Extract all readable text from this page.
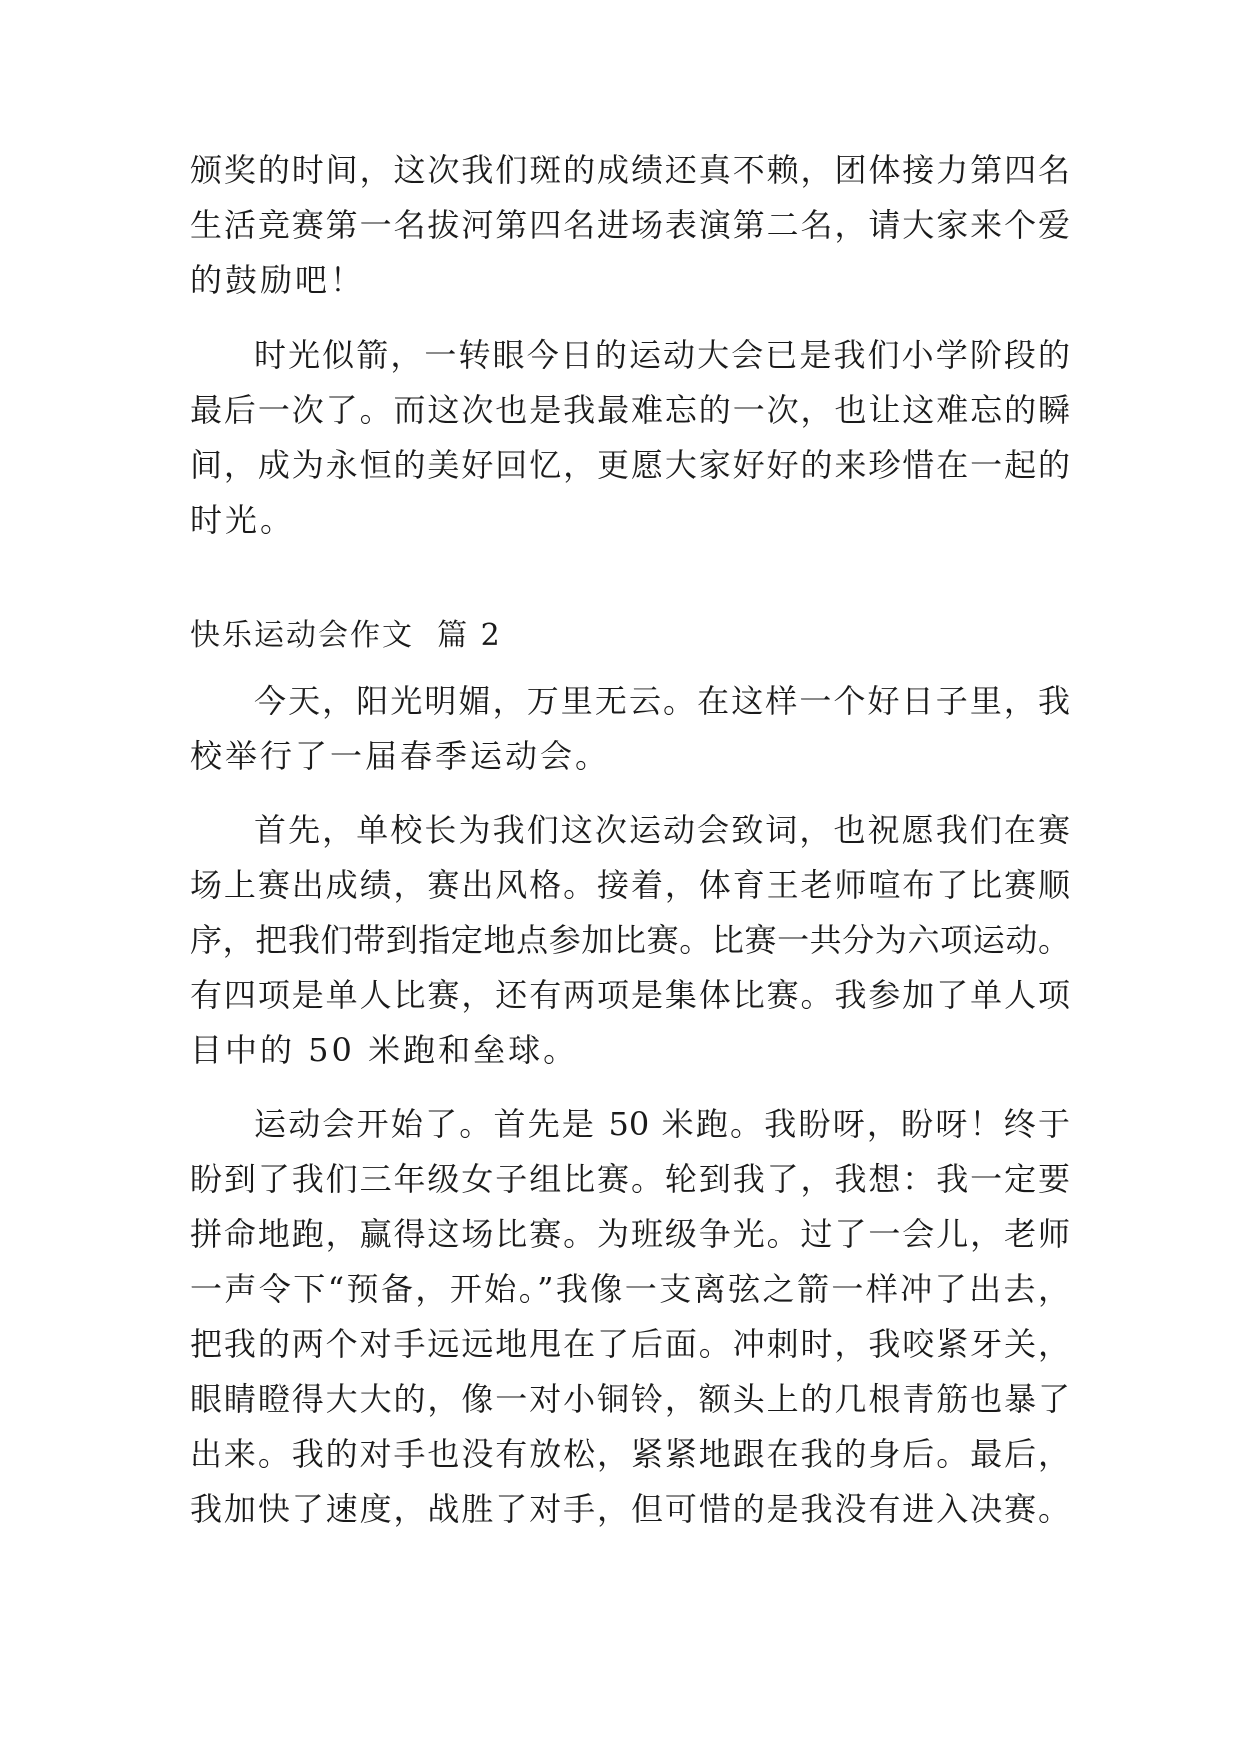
颁奖的时间，这次我们斑的成绩还真不赖，团体接力第四名
生活竞赛第一名拔河第四名进场表演第二名，请大家来个爱
的鼓励吧！
时光似箭，一转眼今日的运动大会已是我们小学阶段的
最后一次了。而这次也是我最难忘的一次，也让这难忘的瞬
间，成为永恒的美好回忆，更愿大家好好的来珍惜在一起的
时光。
快乐运动会作文  篇 2
今天，阳光明媚，万里无云。在这样一个好日子里，我
校举行了一届春季运动会。
首先，单校长为我们这次运动会致词，也祝愿我们在赛
场上赛出成绩，赛出风格。接着，体育王老师喧布了比赛顺
序，把我们带到指定地点参加比赛。比赛一共分为六项运动。
有四项是单人比赛，还有两项是集体比赛。我参加了单人项
目中的 50 米跑和垒球。
运动会开始了。首先是 50 米跑。我盼呀，盼呀！终于
盼到了我们三年级女子组比赛。轮到我了，我想：我一定要
拼命地跑，赢得这场比赛。为班级争光。过了一会儿，老师
一声令下“预备，开始。”我像一支离弦之箭一样冲了出去，
把我的两个对手远远地甩在了后面。冲刺时，我咬紧牙关，
眼睛瞪得大大的，像一对小铜铃，额头上的几根青筋也暴了
出来。我的对手也没有放松，紧紧地跟在我的身后。最后，
我加快了速度，战胜了对手，但可惜的是我没有进入决赛。
